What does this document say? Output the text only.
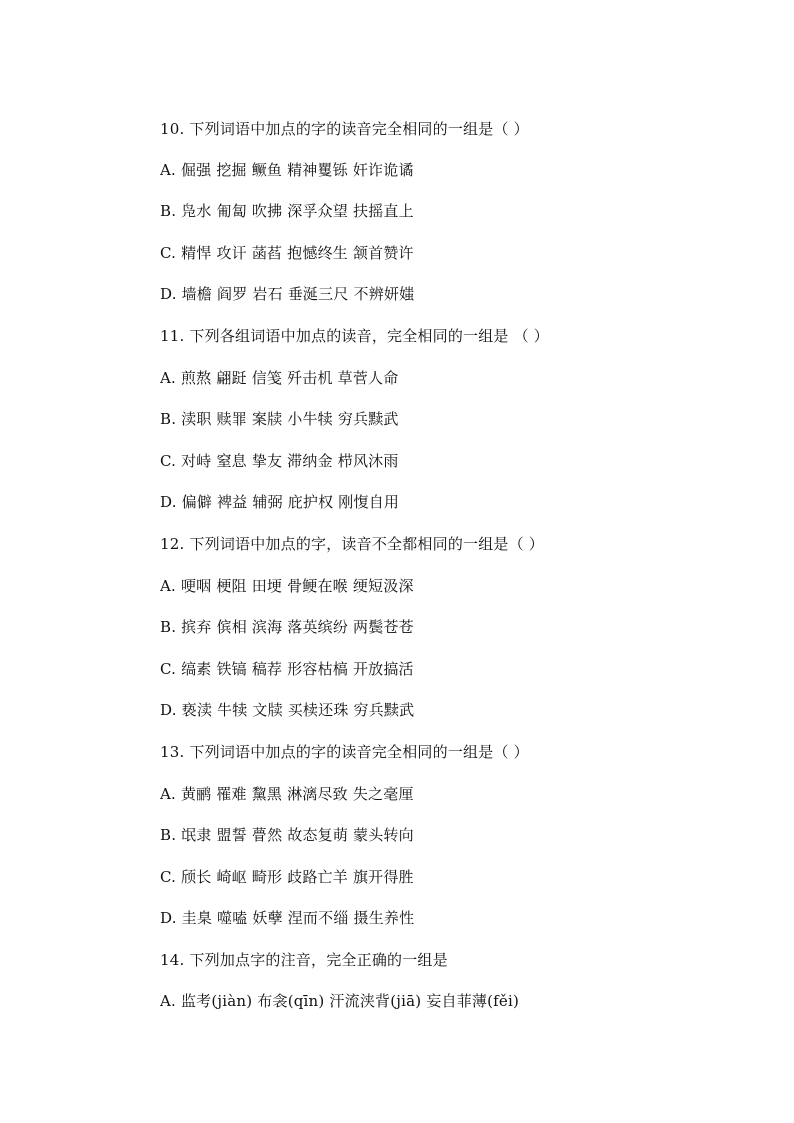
10. 下列词语中加点的字的读音完全相同的一组是（ ）
A. 倔强 挖掘 鳜鱼 精神矍铄 奸诈诡谲
B. 凫水 匍匐 吹拂 深孚众望 扶摇直上
C. 精悍 攻讦 菡萏 抱憾终生 颔首赞许
D. 墙檐 阎罗 岩石 垂涎三尺 不辨妍媸
11. 下列各组词语中加点的读音，完全相同的一组是 （ ）
A. 煎熬 翩跹 信笺 歼击机 草菅人命
B. 渎职 赎罪 案牍 小牛犊 穷兵黩武
C. 对峙 窒息 挚友 滞纳金 栉风沐雨
D. 偏僻 裨益 辅弼 庇护权 刚愎自用
12. 下列词语中加点的字，读音不全都相同的一组是（ ）
A. 哽咽 梗阻 田埂 骨鲠在喉 绠短汲深
B. 摈弃 傧相 滨海 落英缤纷 两鬓苍苍
C. 缟素 铁镐 稿荐 形容枯槁 开放搞活
D. 亵渎 牛犊 文牍 买椟还珠 穷兵黩武
13. 下列词语中加点的字的读音完全相同的一组是（ ）
A. 黄鹂 罹难 黧黑 淋漓尽致 失之毫厘
B. 氓隶 盟誓 瞢然 故态复萌 蒙头转向
C. 颀长 崎岖 畸形 歧路亡羊 旗开得胜
D. 圭臬 噬嗑 妖孽 涅而不缁 摄生养性
14. 下列加点字的注音，完全正确的一组是
A. 监考(jiàn) 布衾(qīn) 汗流浃背(jiā) 妄自菲薄(fěi)
